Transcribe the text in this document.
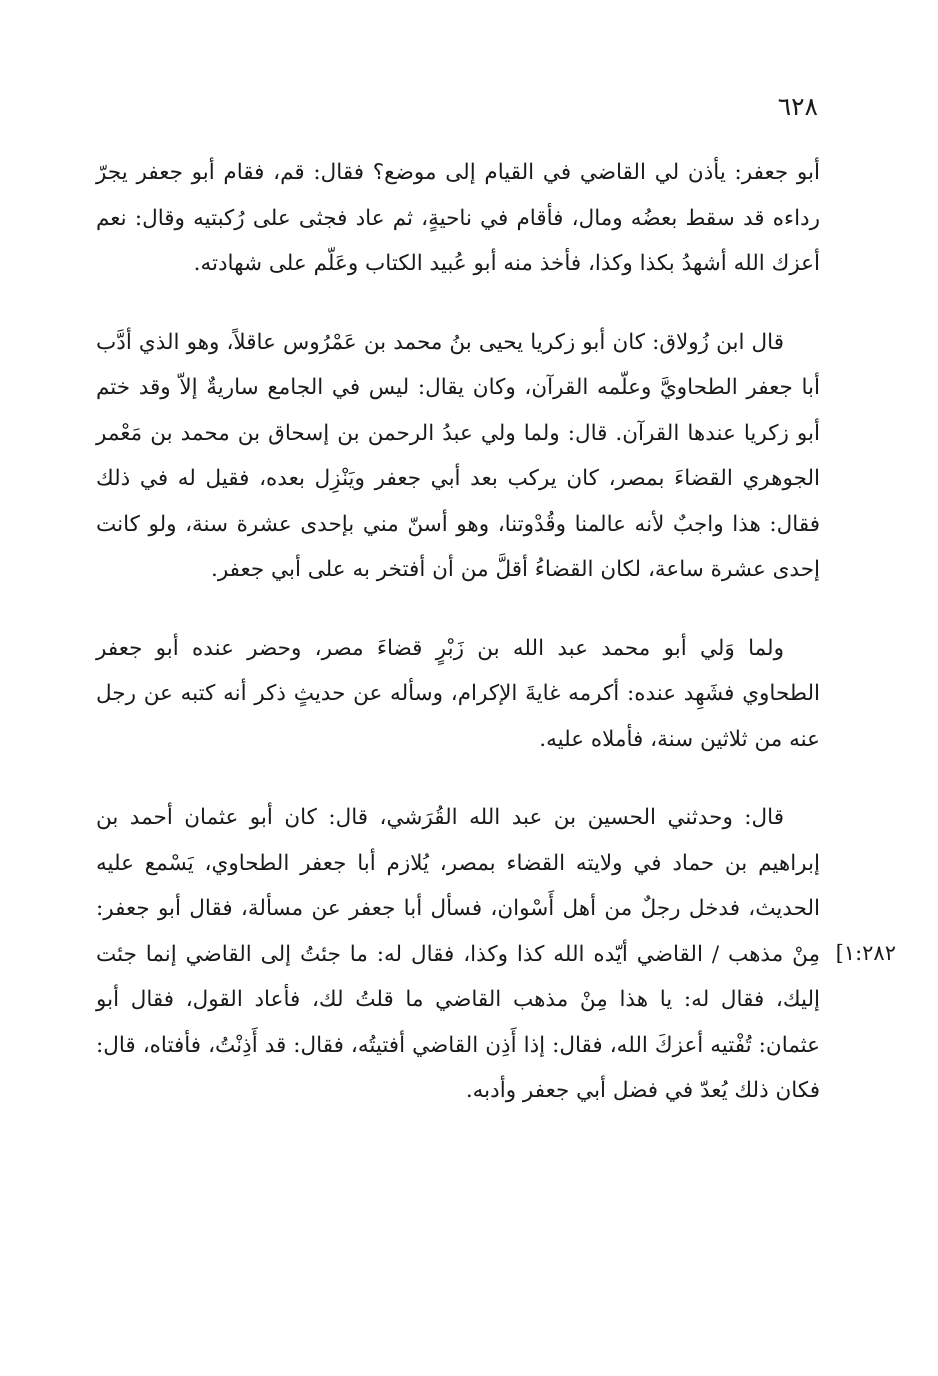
٦٢٨

أبو جعفر: يأذن لي القاضي في القيام إلى موضع؟ فقال: قم، فقام أبو جعفر يجرّ رداءه قد سقط بعضُه ومال، فأقام في ناحيةٍ، ثم عاد فجثى على رُكبتيه وقال: نعم أعزك الله أشهدُ بكذا وكذا، فأخذ منه أبو عُبيد الكتاب وعَلّم على شهادته.

قال ابن زُولاق: كان أبو زكريا يحيى بنُ محمد بن عَمْرُوس عاقلاً، وهو الذي أدَّب أبا جعفر الطحاويَّ وعلّمه القرآن، وكان يقال: ليس في الجامع ساريةٌ إلاّ وقد ختم أبو زكريا عندها القرآن. قال: ولما ولي عبدُ الرحمن بن إسحاق بن محمد بن مَعْمر الجوهري القضاءَ بمصر، كان يركب بعد أبي جعفر ويَنْزِل بعده، فقيل له في ذلك فقال: هذا واجبٌ لأنه عالمنا وقُدْوتنا، وهو أسنّ مني بإحدى عشرة سنة، ولو كانت إحدى عشرة ساعة، لكان القضاءُ أقلَّ من أن أفتخر به على أبي جعفر.

ولما وَلي أبو محمد عبد الله بن زَبْرٍ قضاءَ مصر، وحضر عنده أبو جعفر الطحاوي فشَهِد عنده: أكرمه غايةَ الإكرام، وسأله عن حديثٍ ذكر أنه كتبه عن رجل عنه من ثلاثين سنة، فأملاه عليه.

قال: وحدثني الحسين بن عبد الله القُرَشي، قال: كان أبو عثمان أحمد بن إبراهيم بن حماد في ولايته القضاء بمصر، يُلازم أبا جعفر الطحاوي، يَسْمع عليه الحديث، فدخل رجلٌ من أهل أَسْوان، فسأل أبا جعفر عن مسألة، فقال أبو جعفر: مِنْ مذهب / القاضي أيّده الله كذا وكذا، فقال له: ما جئتُ إلى القاضي إنما جئت إليك، فقال له: يا هذا مِنْ مذهب القاضي ما قلتُ لك، فأعاد القول، فقال أبو عثمان: تُفْتيه أعزكَ الله، فقال: إذا أَذِن القاضي أفتيتُه، فقال: قد أَذِنْتُ، فأفتاه، قال: فكان ذلك يُعدّ في فضل أبي جعفر وأدبه.
[١:٢٨٢
